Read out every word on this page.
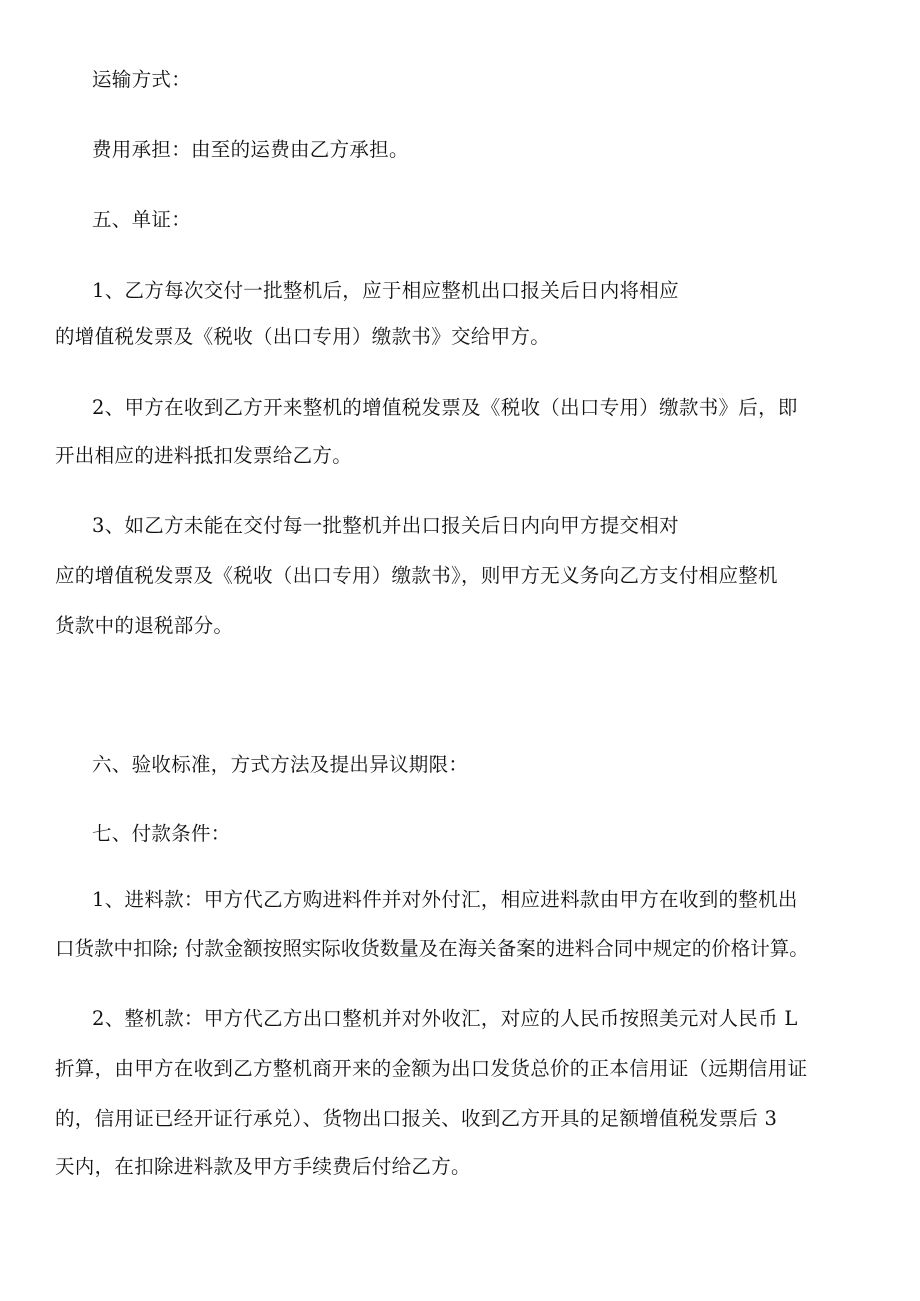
运输方式：
费用承担：由至的运费由乙方承担。
五、单证：
1、乙方每次交付一批整机后，应于相应整机出口报关后日内将相应
的增值税发票及《税收（出口专用）缴款书》交给甲方。
2、甲方在收到乙方开来整机的增值税发票及《税收（出口专用）缴款书》后，即
开出相应的进料抵扣发票给乙方。
3、如乙方未能在交付每一批整机并出口报关后日内向甲方提交相对
应的增值税发票及《税收（出口专用）缴款书》，则甲方无义务向乙方支付相应整机
货款中的退税部分。
六、验收标准，方式方法及提出异议期限：
七、付款条件：
1、进料款：甲方代乙方购进料件并对外付汇，相应进料款由甲方在收到的整机出
口货款中扣除; 付款金额按照实际收货数量及在海关备案的进料合同中规定的价格计算。
2、整机款：甲方代乙方出口整机并对外收汇，对应的人民币按照美元对人民币 L
折算，由甲方在收到乙方整机商开来的金额为出口发货总价的正本信用证（远期信用证
的，信用证已经开证行承兑）、货物出口报关、收到乙方开具的足额增值税发票后 3
天内，在扣除进料款及甲方手续费后付给乙方。
